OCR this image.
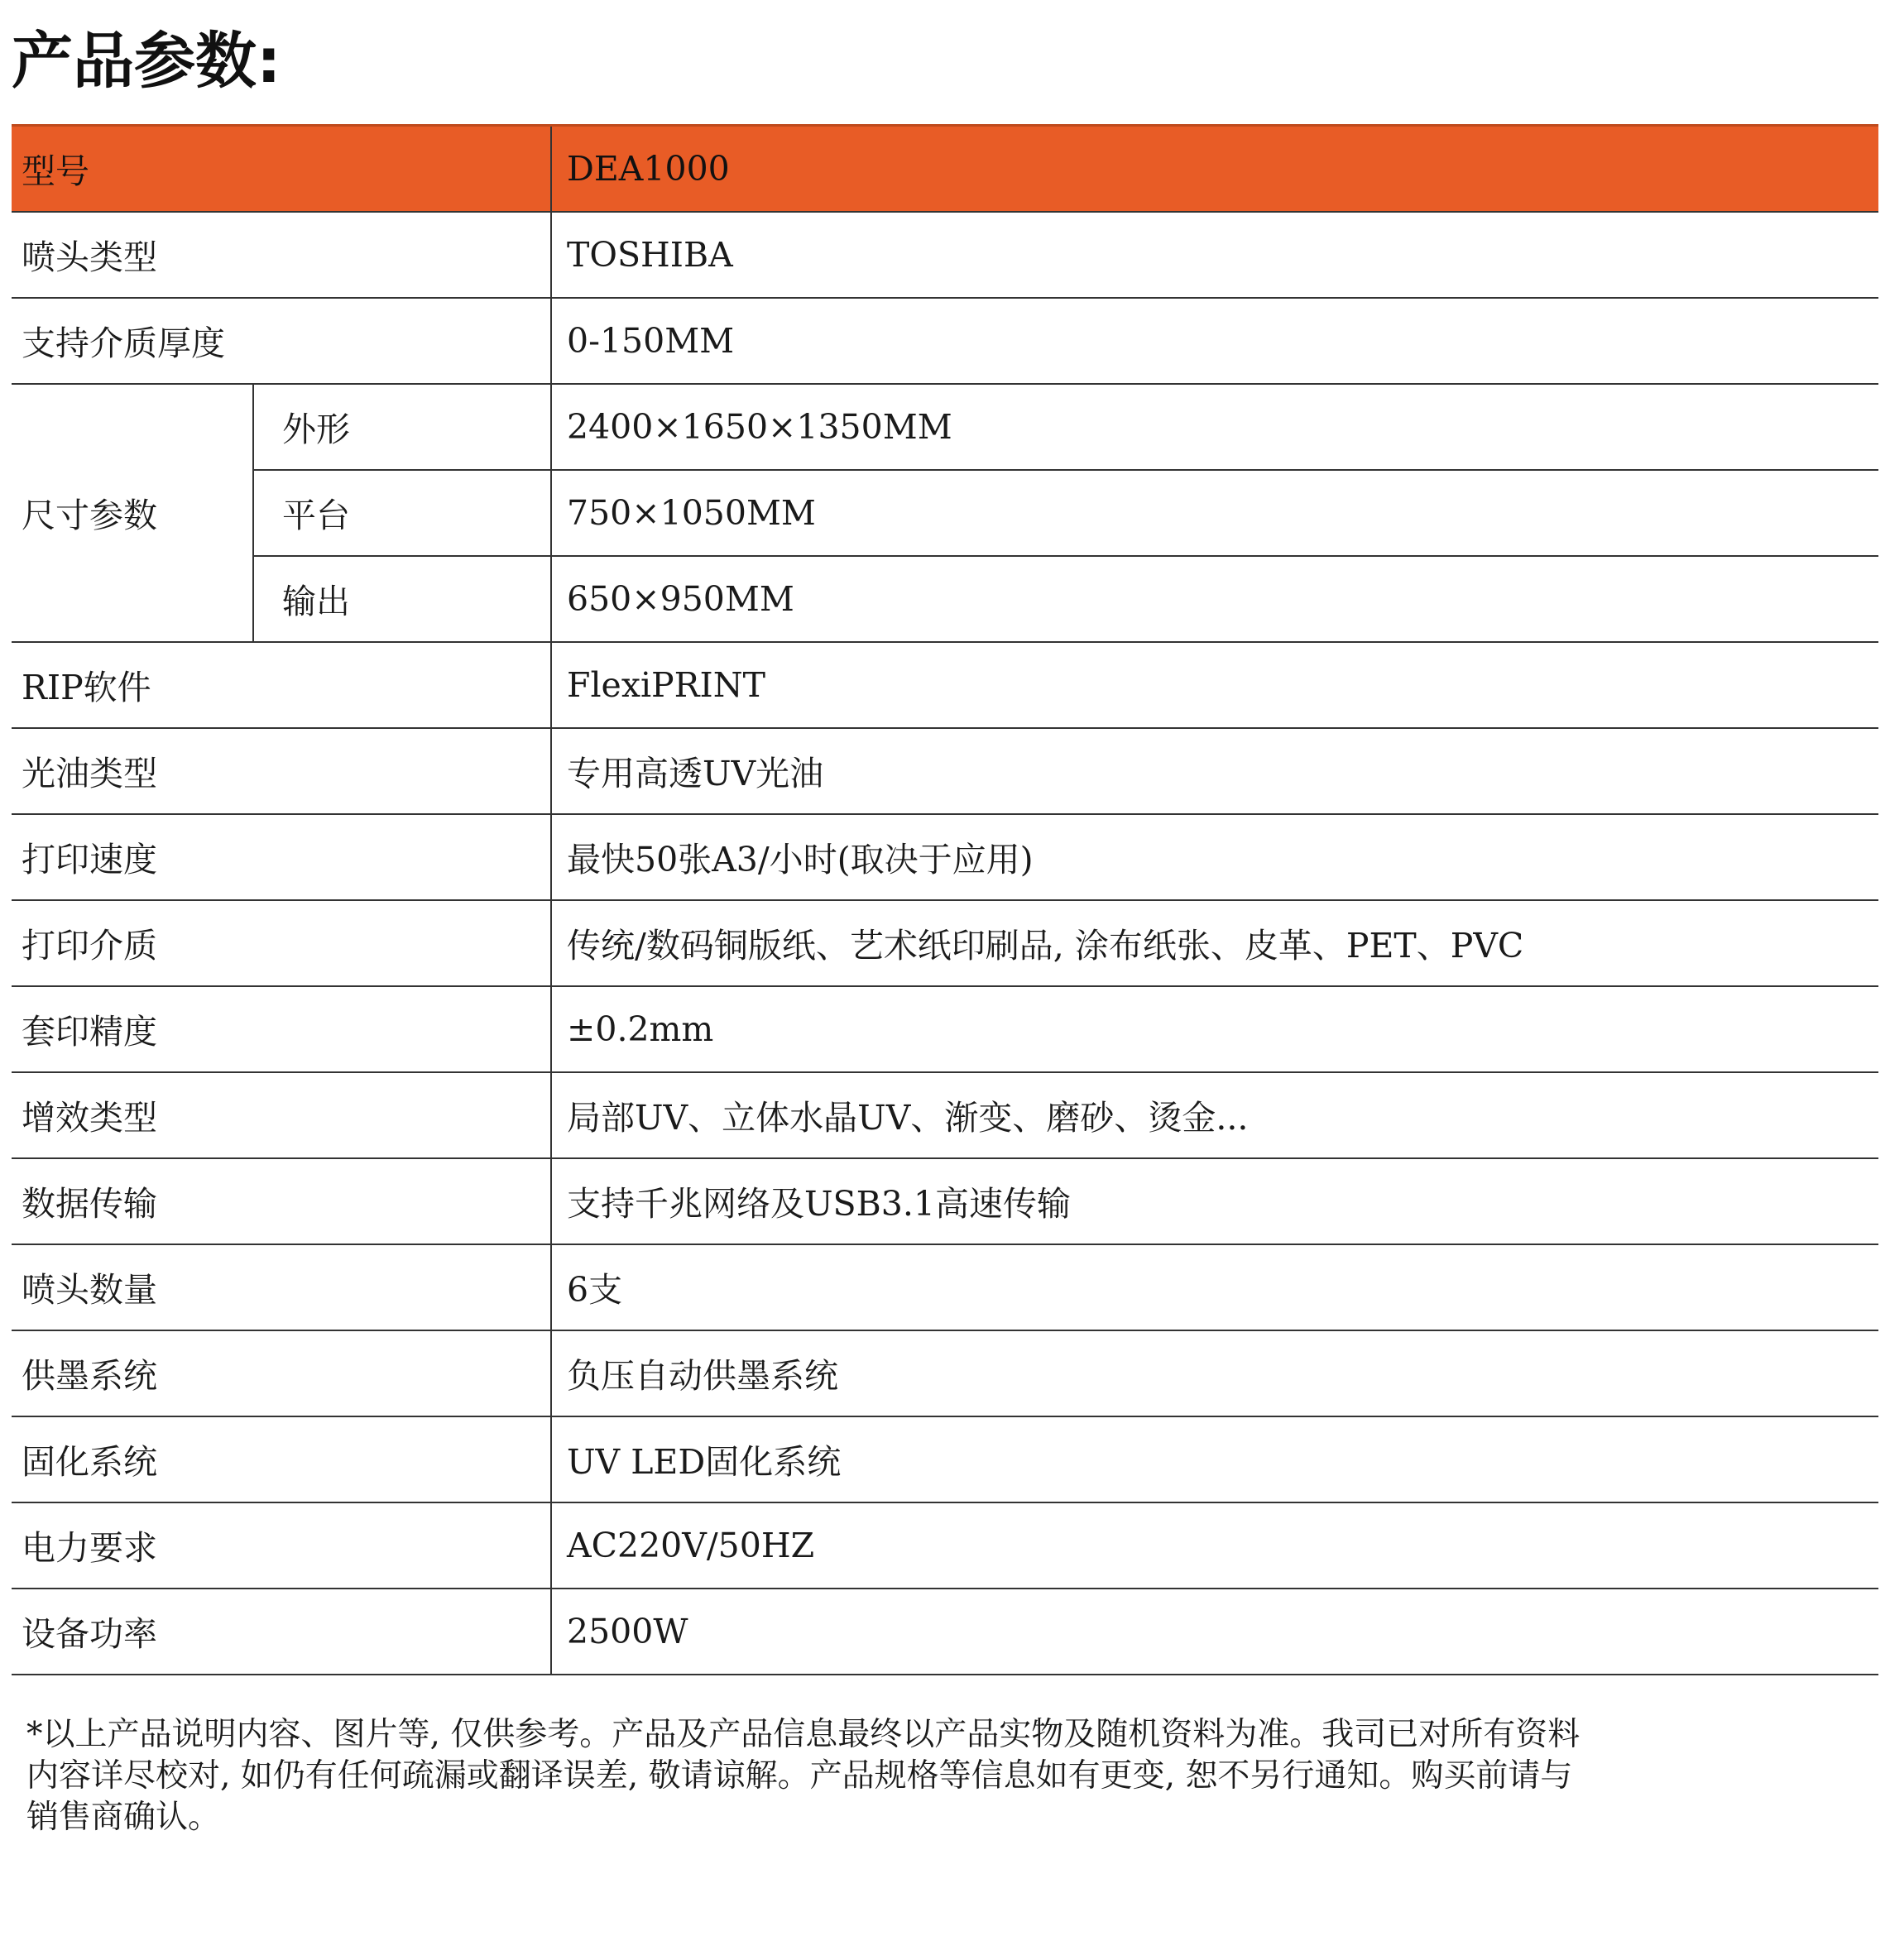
产品参数:
型号		DEA1000
喷头类型		TOSHIBA
支持介质厚度		0-150MM
尺寸参数	外形	2400×1650×1350MM
	平台	750×1050MM
	输出	650×950MM
RIP软件		FlexiPRINT
光油类型		专用高透UV光油
打印速度		最快50张A3/小时(取决于应用)
打印介质		传统/数码铜版纸、艺术纸印刷品, 涂布纸张、皮革、PET、PVC
套印精度		±0.2mm
增效类型		局部UV、立体水晶UV、渐变、磨砂、烫金...
数据传输		支持千兆网络及USB3.1高速传输
喷头数量		6支
供墨系统		负压自动供墨系统
固化系统		UV LED固化系统
电力要求		AC220V/50HZ
设备功率		2500W

*以上产品说明内容、图片等, 仅供参考。产品及产品信息最终以产品实物及随机资料为准。我司已对所有资料
内容详尽校对, 如仍有任何疏漏或翻译误差, 敬请谅解。产品规格等信息如有更变, 恕不另行通知。购买前请与
销售商确认。
